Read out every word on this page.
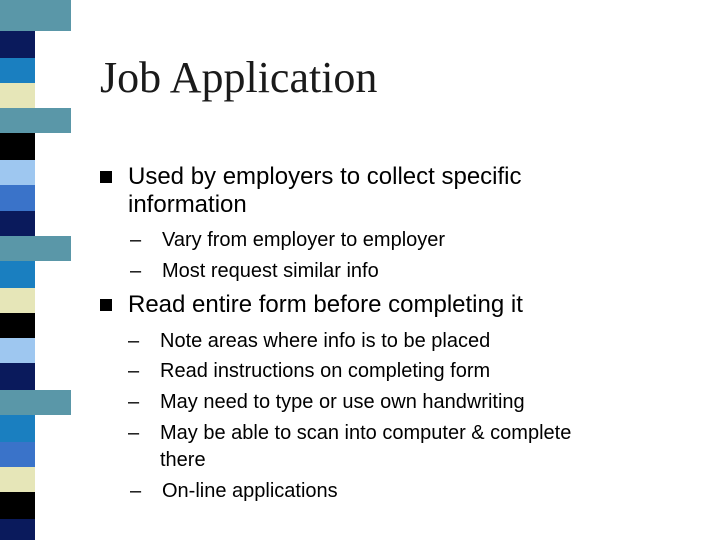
Job Application
Used by employers to collect specific
information
– Vary from employer to employer
– Most request similar info
Read entire form before completing it
– Note areas where info is to be placed
– Read instructions on completing form
– May need to type or use own handwriting
– May be able to scan into computer & complete
there
– On-line applications
